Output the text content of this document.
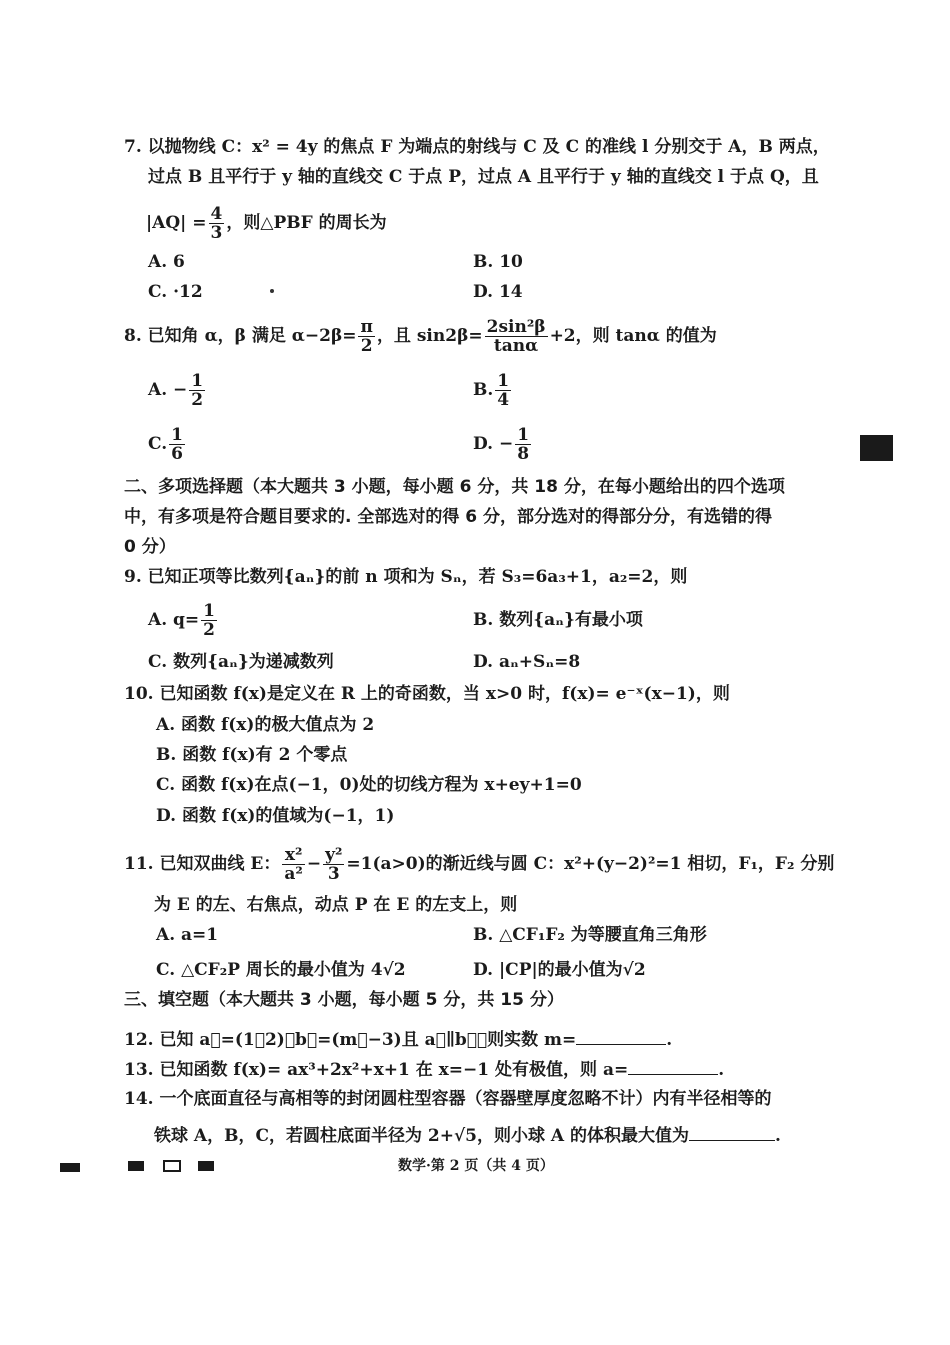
7. 以抛物线 C：x² = 4y 的焦点 F 为端点的射线与 C 及 C 的准线 l 分别交于 A，B 两点，
过点 B 且平行于 y 轴的直线交 C 于点 P，过点 A 且平行于 y 轴的直线交 l 于点 Q，且
$|AQ| = \frac{4}{3}$ ，则△PBF 的周长为
A. 6	B. 10
C. ·12	D. 14
8. 已知角 α，β 满足 $\alpha-2\beta= \frac{\pi}{2}$ ，且 $\sin 2\beta= \frac{\text{2sin²β}}{\tan\alpha} +2$，则 tanα 的值为
A. − $\frac{1}{2}$	B. $\frac{1}{4}$
C. $\frac{1}{6}$	D. − $\frac{1}{8}$
二、多项选择题（本大题共 3 小题，每小题 6 分，共 18 分，在每小题给出的四个选项
中，有多项是符合题目要求的. 全部选对的得 6 分，部分选对的得部分分，有选错的得
0 分）
9. 已知正项等比数列{aₙ}的前 n 项和为 Sₙ，若 S₃=6a₃+1，a₂=2，则
A. $q= \frac{1}{2}$	B. 数列{aₙ}有最小项
C. 数列{aₙ}为递减数列	D. aₙ+Sₙ=8
10. 已知函数 f(x)是定义在 R 上的奇函数，当 x>0 时，f(x)= e⁻ˣ(x−1)，则
A. 函数 f(x)的极大值点为 2
B. 函数 f(x)有 2 个零点
C. 函数 f(x)在点(−1，0)处的切线方程为 x+ey+1=0
D. 函数 f(x)的值域为(−1，1)
11. 已知双曲线 E： $\frac{\text{x²}}{\text{a²}} - \frac{\text{y²}}{3} =1(a>0)$的渐近线与圆 C：x²+(y−2)²=1 相切，F₁，F₂ 分别
为 E 的左、右焦点，动点 P 在 E 的左支上，则
A. a=1	B. △CF₁F₂ 为等腰直角三角形
C. △CF₂P 周长的最小值为 4√2	D. |CP|的最小值为√2
三、填空题（本大题共 3 小题，每小题 5 分，共 15 分）
12. 已知 a⃗=(1，2)，b⃗=(m，−3)且 a⃗∥b⃗，则实数 m=	.
13. 已知函数 f(x)= ax³+2x²+x+1 在 x=−1 处有极值，则 a=	.
14. 一个底面直径与高相等的封闭圆柱型容器（容器壁厚度忽略不计）内有半径相等的
铁球 A，B，C，若圆柱底面半径为 2+√5，则小球 A 的体积最大值为	.
数学·第 2 页（共 4 页）
